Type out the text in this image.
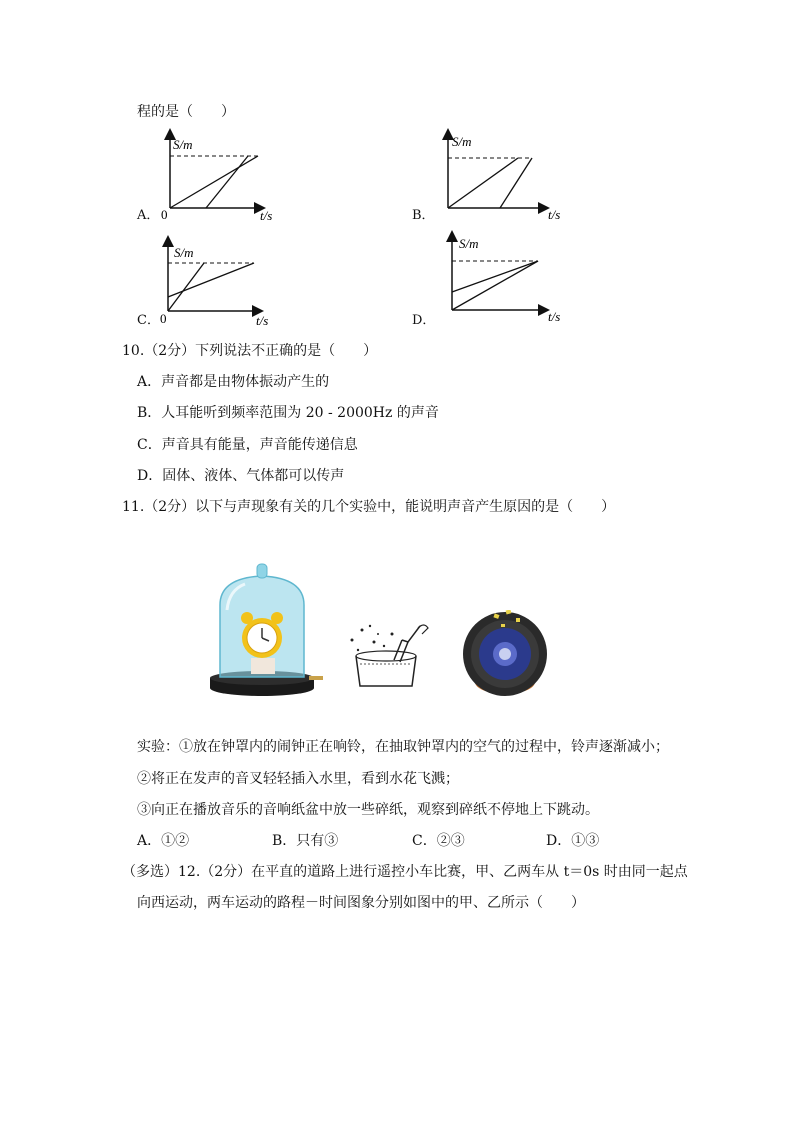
程的是（　　）
A．
S/m
0	t/s	B．
S/m
t/s
C．
S/m
0	t/s	D．
S/m
t/s
10.（2分）下列说法不正确的是（　　）
A．声音都是由物体振动产生的
B．人耳能听到频率范围为 20 - 2000Hz 的声音
C．声音具有能量，声音能传递信息
D．固体、液体、气体都可以传声
11.（2分）以下与声现象有关的几个实验中，能说明声音产生原因的是（　　）
实验：①放在钟罩内的闹钟正在响铃，在抽取钟罩内的空气的过程中，铃声逐渐减小；
②将正在发声的音叉轻轻插入水里，看到水花飞溅；
③向正在播放音乐的音响纸盆中放一些碎纸，观察到碎纸不停地上下跳动。
A．①②	B．只有③	C．②③	D．①③
（多选）12.（2分）在平直的道路上进行遥控小车比赛，甲、乙两车从 t＝0s 时由同一起点
向西运动，两车运动的路程－时间图象分别如图中的甲、乙所示（　　）
